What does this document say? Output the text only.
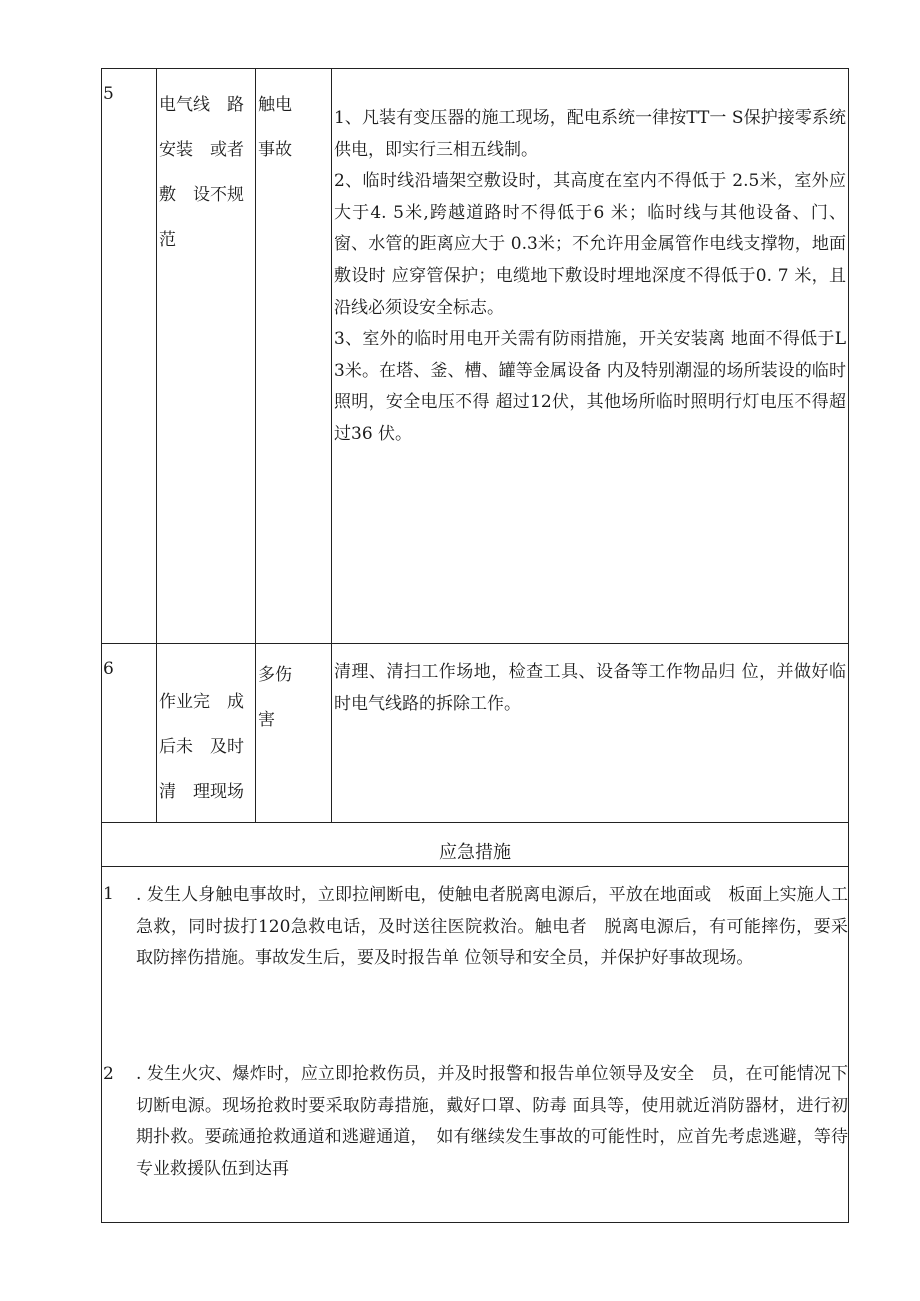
5
电气线　路
安装　或者
敷　设不规
范
触电
事故

1、凡装有变压器的施工现场，配电系统一律按TT一 S保护接零系统供电，即实行三相五线制。

2、临时线沿墙架空敷设时，其高度在室内不得低于 2.5米，室外应大于4. 5米,跨越道路时不得低于6 米；临时线与其他设备、门、窗、水管的距离应大于 0.3米；不允许用金属管作电线支撑物，地面敷设时 应穿管保护；电缆地下敷设时埋地深度不得低于0. 7 米，且沿线必须设安全标志。

3、室外的临时用电开关需有防雨措施，开关安装离 地面不得低于L 3米。在塔、釜、槽、罐等金属设备 内及特别潮湿的场所装设的临时照明，安全电压不得 超过12伏，其他场所临时照明行灯电压不得超过36 伏。

6
作业完　成
后未　及时
清　理现场
多伤
害

清理、清扫工作场地，检查工具、设备等工作物品归 位，并做好临时电气线路的拆除工作。

应急措施
1 . 发生人身触电事故时，立即拉闸断电，使触电者脱离电源后，平放在地面或　板面上实施人工急救，同时拔打120急救电话，及时送往医院救治。触电者　脱离电源后，有可能摔伤，要采取防摔伤措施。事故发生后，要及时报告单 位领导和安全员，并保护好事故现场。
2 . 发生火灾、爆炸时，应立即抢救伤员，并及时报警和报告单位领导及安全　员，在可能情况下切断电源。现场抢救时要采取防毒措施，戴好口罩、防毒 面具等，使用就近消防器材，进行初期扑救。要疏通抢救通道和逃避通道，　如有继续发生事故的可能性时，应首先考虑逃避，等待专业救援队伍到达再
